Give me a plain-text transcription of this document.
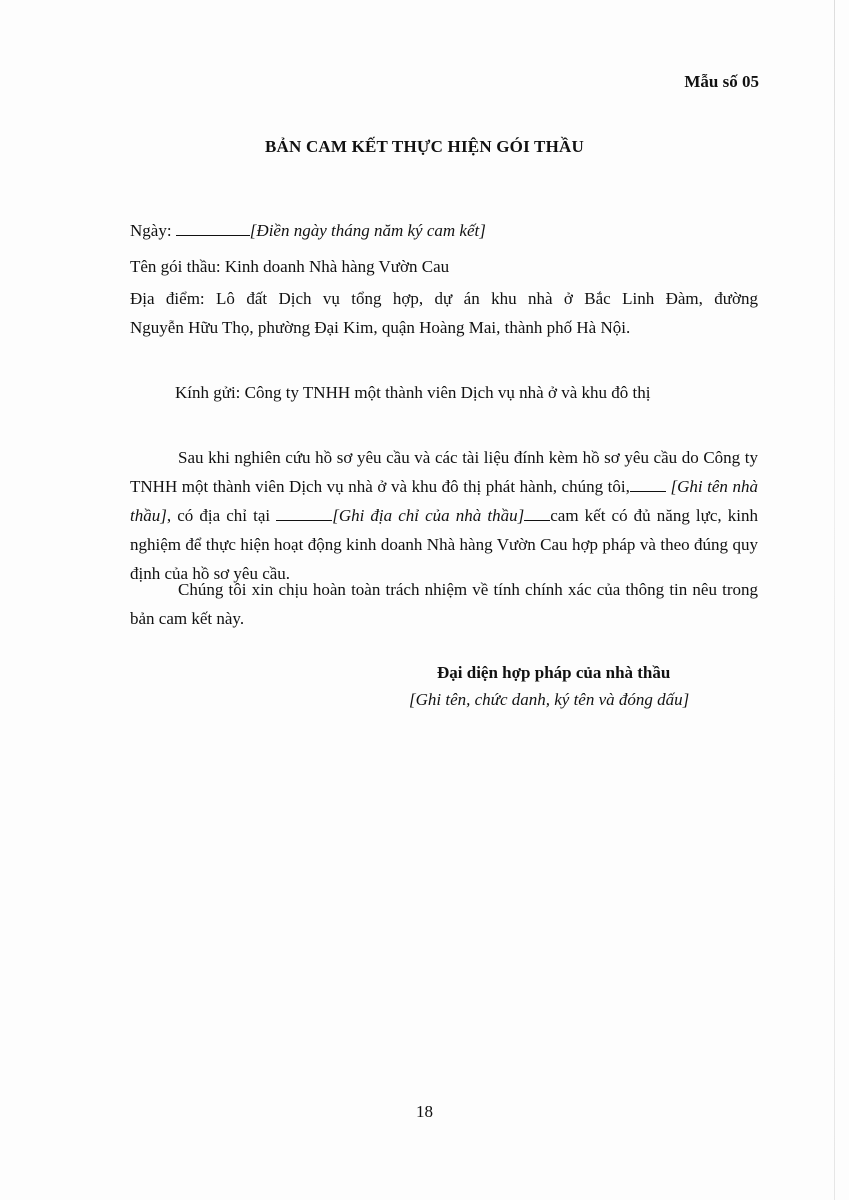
Mẫu số 05
BẢN CAM KẾT THỰC HIỆN GÓI THẦU
Ngày:	[Điền ngày tháng năm ký cam kết]
Tên gói thầu: Kinh doanh Nhà hàng Vườn Cau
Địa điểm: Lô đất Dịch vụ tổng hợp, dự án khu nhà ở Bắc Linh Đàm, đường
Nguyễn Hữu Thọ, phường Đại Kim, quận Hoàng Mai, thành phố Hà Nội.
Kính gửi: Công ty TNHH một thành viên Dịch vụ nhà ở và khu đô thị
Sau khi nghiên cứu hồ sơ yêu cầu và các tài liệu đính kèm hồ sơ yêu cầu do Công ty TNHH một thành viên Dịch vụ nhà ở và khu đô thị phát hành, chúng tôi, [Ghi tên nhà thầu], có địa chỉ tại	[Ghi địa chỉ của nhà thầu] cam kết có đủ năng lực, kinh nghiệm để thực hiện hoạt động kinh doanh Nhà hàng Vườn Cau hợp pháp và theo đúng quy định của hồ sơ yêu cầu.
Chúng tôi xin chịu hoàn toàn trách nhiệm về tính chính xác của thông tin nêu trong bản cam kết này.
Đại diện hợp pháp của nhà thầu
[Ghi tên, chức danh, ký tên và đóng dấu]
18
